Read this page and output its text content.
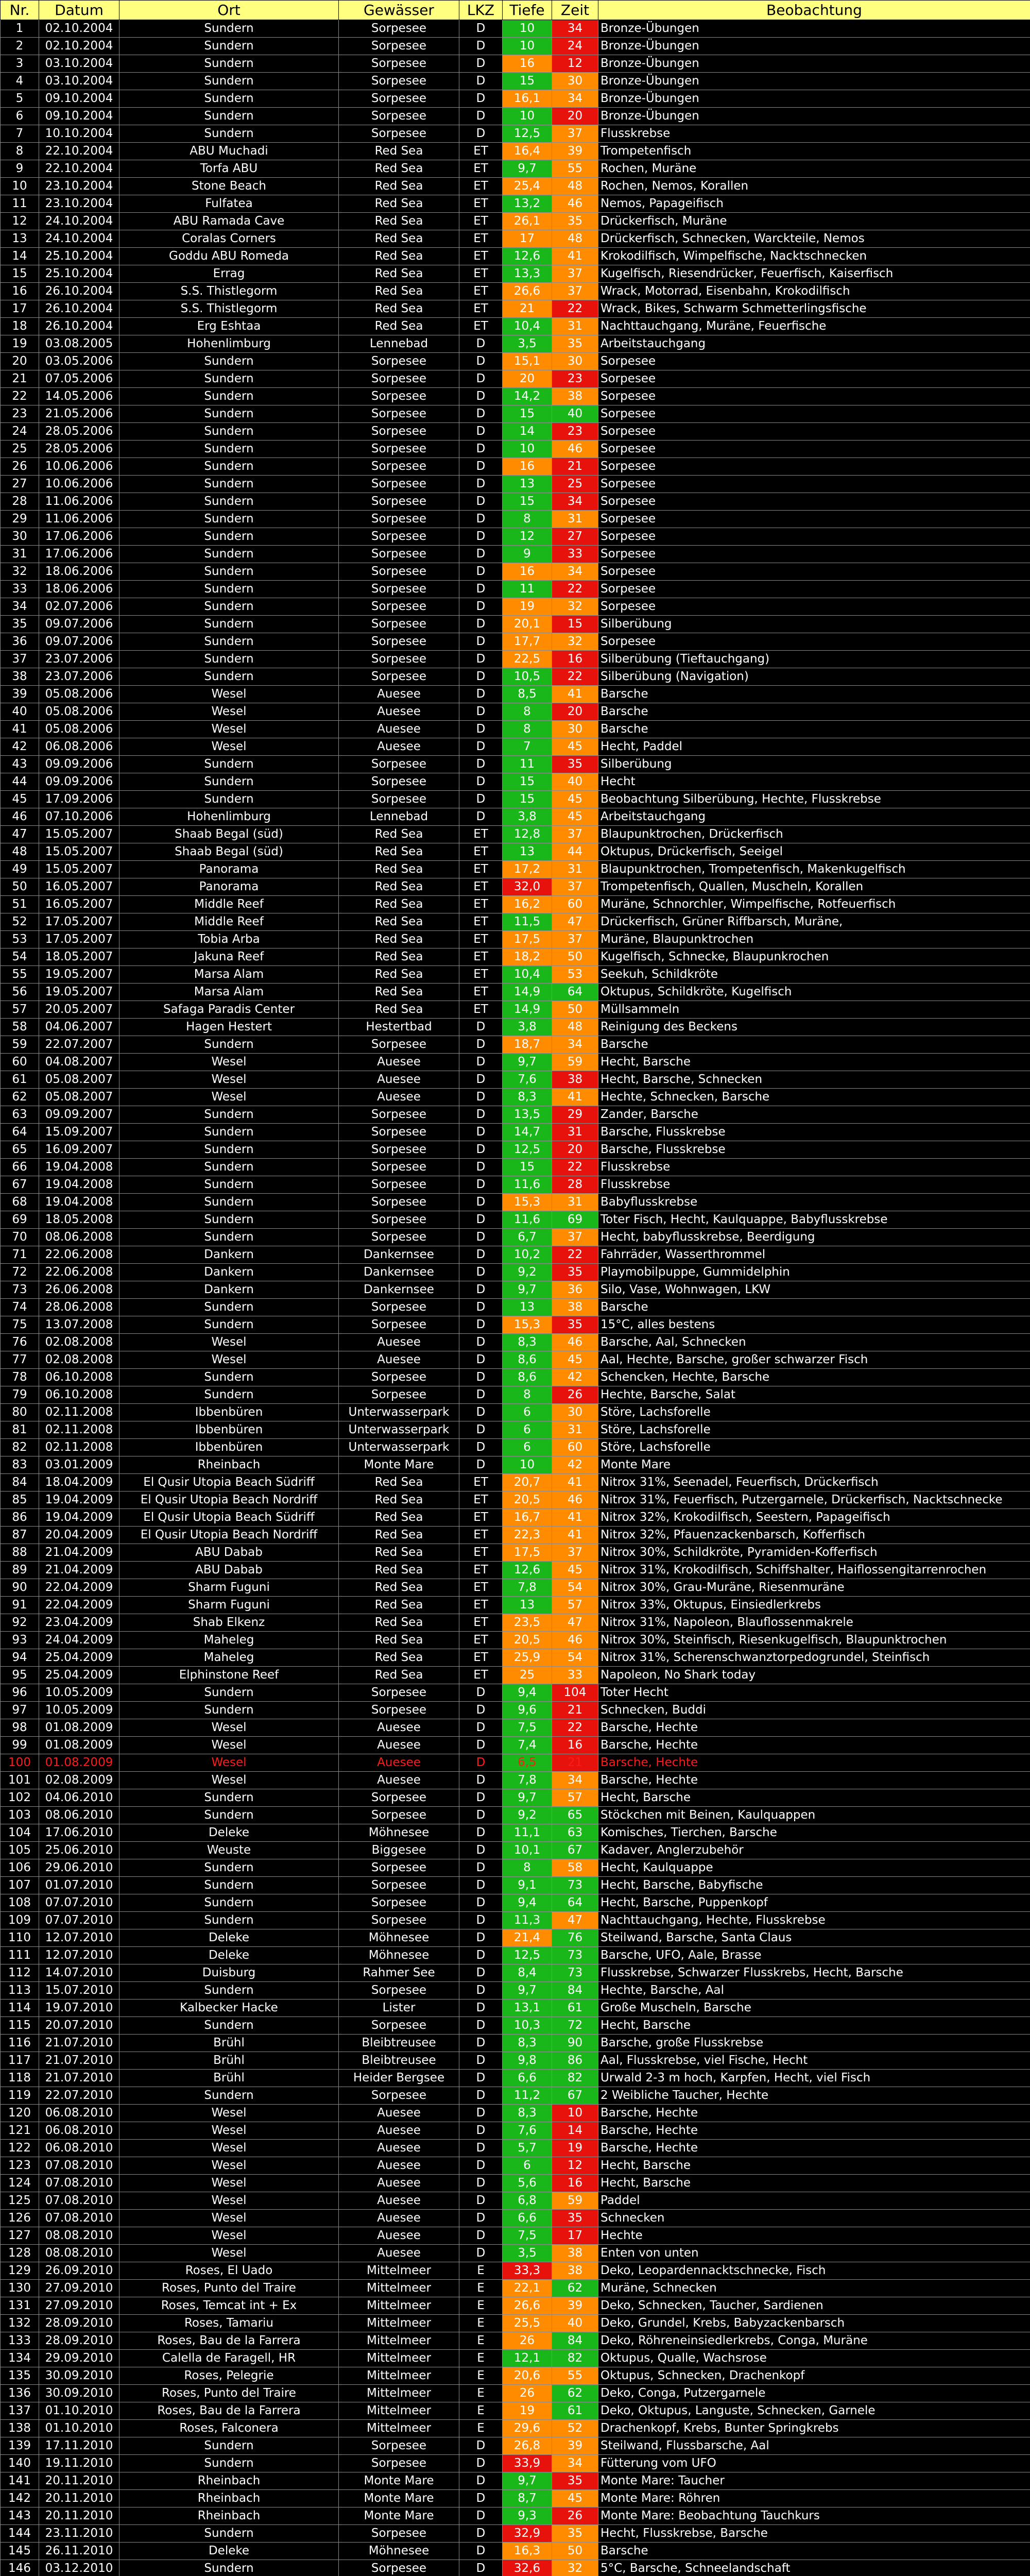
Nr.	Datum	Ort	Gewässer	LKZ	Tiefe	Zeit	Beobachtung
1	02.10.2004	Sundern	Sorpesee	D	10	34	Bronze-Übungen
2	02.10.2004	Sundern	Sorpesee	D	10	24	Bronze-Übungen
3	03.10.2004	Sundern	Sorpesee	D	16	12	Bronze-Übungen
4	03.10.2004	Sundern	Sorpesee	D	15	30	Bronze-Übungen
5	09.10.2004	Sundern	Sorpesee	D	16,1	34	Bronze-Übungen
6	09.10.2004	Sundern	Sorpesee	D	10	20	Bronze-Übungen
7	10.10.2004	Sundern	Sorpesee	D	12,5	37	Flusskrebse
8	22.10.2004	ABU Muchadi	Red Sea	ET	16,4	39	Trompetenfisch
9	22.10.2004	Torfa ABU	Red Sea	ET	9,7	55	Rochen, Muräne
10	23.10.2004	Stone Beach	Red Sea	ET	25,4	48	Rochen, Nemos, Korallen
11	23.10.2004	Fulfatea	Red Sea	ET	13,2	46	Nemos, Papageifisch
12	24.10.2004	ABU Ramada Cave	Red Sea	ET	26,1	35	Drückerfisch, Muräne
13	24.10.2004	Coralas Corners	Red Sea	ET	17	48	Drückerfisch, Schnecken, Warckteile, Nemos
14	25.10.2004	Goddu ABU Romeda	Red Sea	ET	12,6	41	Krokodilfisch, Wimpelfische, Nacktschnecken
15	25.10.2004	Errag	Red Sea	ET	13,3	37	Kugelfisch, Riesendrücker, Feuerfisch, Kaiserfisch
16	26.10.2004	S.S. Thistlegorm	Red Sea	ET	26,6	37	Wrack, Motorrad, Eisenbahn, Krokodilfisch
17	26.10.2004	S.S. Thistlegorm	Red Sea	ET	21	22	Wrack, Bikes, Schwarm Schmetterlingsfische
18	26.10.2004	Erg Eshtaa	Red Sea	ET	10,4	31	Nachttauchgang, Muräne, Feuerfische
19	03.08.2005	Hohenlimburg	Lennebad	D	3,5	35	Arbeitstauchgang
20	03.05.2006	Sundern	Sorpesee	D	15,1	30	Sorpesee
21	07.05.2006	Sundern	Sorpesee	D	20	23	Sorpesee
22	14.05.2006	Sundern	Sorpesee	D	14,2	38	Sorpesee
23	21.05.2006	Sundern	Sorpesee	D	15	40	Sorpesee
24	28.05.2006	Sundern	Sorpesee	D	14	23	Sorpesee
25	28.05.2006	Sundern	Sorpesee	D	10	46	Sorpesee
26	10.06.2006	Sundern	Sorpesee	D	16	21	Sorpesee
27	10.06.2006	Sundern	Sorpesee	D	13	25	Sorpesee
28	11.06.2006	Sundern	Sorpesee	D	15	34	Sorpesee
29	11.06.2006	Sundern	Sorpesee	D	8	31	Sorpesee
30	17.06.2006	Sundern	Sorpesee	D	12	27	Sorpesee
31	17.06.2006	Sundern	Sorpesee	D	9	33	Sorpesee
32	18.06.2006	Sundern	Sorpesee	D	16	34	Sorpesee
33	18.06.2006	Sundern	Sorpesee	D	11	22	Sorpesee
34	02.07.2006	Sundern	Sorpesee	D	19	32	Sorpesee
35	09.07.2006	Sundern	Sorpesee	D	20,1	15	Silberübung
36	09.07.2006	Sundern	Sorpesee	D	17,7	32	Sorpesee
37	23.07.2006	Sundern	Sorpesee	D	22,5	16	Silberübung (Tieftauchgang)
38	23.07.2006	Sundern	Sorpesee	D	10,5	22	Silberübung (Navigation)
39	05.08.2006	Wesel	Auesee	D	8,5	41	Barsche
40	05.08.2006	Wesel	Auesee	D	8	20	Barsche
41	05.08.2006	Wesel	Auesee	D	8	30	Barsche
42	06.08.2006	Wesel	Auesee	D	7	45	Hecht, Paddel
43	09.09.2006	Sundern	Sorpesee	D	11	35	Silberübung
44	09.09.2006	Sundern	Sorpesee	D	15	40	Hecht
45	17.09.2006	Sundern	Sorpesee	D	15	45	Beobachtung Silberübung, Hechte, Flusskrebse
46	07.10.2006	Hohenlimburg	Lennebad	D	3,8	45	Arbeitstauchgang
47	15.05.2007	Shaab Begal (süd)	Red Sea	ET	12,8	37	Blaupunktrochen, Drückerfisch
48	15.05.2007	Shaab Begal (süd)	Red Sea	ET	13	44	Oktupus, Drückerfisch, Seeigel
49	15.05.2007	Panorama	Red Sea	ET	17,2	31	Blaupunktrochen, Trompetenfisch, Makenkugelfisch
50	16.05.2007	Panorama	Red Sea	ET	32,0	37	Trompetenfisch, Quallen, Muscheln, Korallen
51	16.05.2007	Middle Reef	Red Sea	ET	16,2	60	Muräne, Schnorchler, Wimpelfische, Rotfeuerfisch
52	17.05.2007	Middle Reef	Red Sea	ET	11,5	47	Drückerfisch, Grüner Riffbarsch, Muräne,
53	17.05.2007	Tobia Arba	Red Sea	ET	17,5	37	Muräne, Blaupunktrochen
54	18.05.2007	Jakuna Reef	Red Sea	ET	18,2	50	Kugelfisch, Schnecke, Blaupunkrochen
55	19.05.2007	Marsa Alam	Red Sea	ET	10,4	53	Seekuh, Schildkröte
56	19.05.2007	Marsa Alam	Red Sea	ET	14,9	64	Oktupus, Schildkröte, Kugelfisch
57	20.05.2007	Safaga Paradis Center	Red Sea	ET	14,9	50	Müllsammeln
58	04.06.2007	Hagen Hestert	Hestertbad	D	3,8	48	Reinigung des Beckens
59	22.07.2007	Sundern	Sorpesee	D	18,7	34	Barsche
60	04.08.2007	Wesel	Auesee	D	9,7	59	Hecht, Barsche
61	05.08.2007	Wesel	Auesee	D	7,6	38	Hecht, Barsche, Schnecken
62	05.08.2007	Wesel	Auesee	D	8,3	41	Hechte, Schnecken, Barsche
63	09.09.2007	Sundern	Sorpesee	D	13,5	29	Zander, Barsche
64	15.09.2007	Sundern	Sorpesee	D	14,7	31	Barsche, Flusskrebse
65	16.09.2007	Sundern	Sorpesee	D	12,5	20	Barsche, Flusskrebse
66	19.04.2008	Sundern	Sorpesee	D	15	22	Flusskrebse
67	19.04.2008	Sundern	Sorpesee	D	11,6	28	Flusskrebse
68	19.04.2008	Sundern	Sorpesee	D	15,3	31	Babyflusskrebse
69	18.05.2008	Sundern	Sorpesee	D	11,6	69	Toter Fisch, Hecht, Kaulquappe, Babyflusskrebse
70	08.06.2008	Sundern	Sorpesee	D	6,7	37	Hecht, babyflusskrebse, Beerdigung
71	22.06.2008	Dankern	Dankernsee	D	10,2	22	Fahrräder, Wasserthrommel
72	22.06.2008	Dankern	Dankernsee	D	9,2	35	Playmobilpuppe, Gummidelphin
73	26.06.2008	Dankern	Dankernsee	D	9,7	36	Silo, Vase, Wohnwagen, LKW
74	28.06.2008	Sundern	Sorpesee	D	13	38	Barsche
75	13.07.2008	Sundern	Sorpesee	D	15,3	35	15°C, alles bestens
76	02.08.2008	Wesel	Auesee	D	8,3	46	Barsche, Aal, Schnecken
77	02.08.2008	Wesel	Auesee	D	8,6	45	Aal, Hechte, Barsche, großer schwarzer Fisch
78	06.10.2008	Sundern	Sorpesee	D	8,6	42	Schencken, Hechte, Barsche
79	06.10.2008	Sundern	Sorpesee	D	8	26	Hechte, Barsche, Salat
80	02.11.2008	Ibbenbüren	Unterwasserpark	D	6	30	Störe, Lachsforelle
81	02.11.2008	Ibbenbüren	Unterwasserpark	D	6	31	Störe, Lachsforelle
82	02.11.2008	Ibbenbüren	Unterwasserpark	D	6	60	Störe, Lachsforelle
83	03.01.2009	Rheinbach	Monte Mare	D	10	42	Monte Mare
84	18.04.2009	El Qusir Utopia Beach Südriff	Red Sea	ET	20,7	41	Nitrox 31%, Seenadel, Feuerfisch, Drückerfisch
85	19.04.2009	El Qusir Utopia Beach Nordriff	Red Sea	ET	20,5	46	Nitrox 31%, Feuerfisch, Putzergarnele, Drückerfisch, Nacktschnecke
86	19.04.2009	El Qusir Utopia Beach Südriff	Red Sea	ET	16,7	41	Nitrox 32%, Krokodilfisch, Seestern, Papageifisch
87	20.04.2009	El Qusir Utopia Beach Nordriff	Red Sea	ET	22,3	41	Nitrox 32%, Pfauenzackenbarsch, Kofferfisch
88	21.04.2009	ABU Dabab	Red Sea	ET	17,5	37	Nitrox 30%, Schildkröte, Pyramiden-Kofferfisch
89	21.04.2009	ABU Dabab	Red Sea	ET	12,6	45	Nitrox 31%, Krokodilfisch, Schiffshalter, Haiflossengitarrenrochen
90	22.04.2009	Sharm Fuguni	Red Sea	ET	7,8	54	Nitrox 30%, Grau-Muräne, Riesenmuräne
91	22.04.2009	Sharm Fuguni	Red Sea	ET	13	57	Nitrox 33%, Oktupus, Einsiedlerkrebs
92	23.04.2009	Shab Elkenz	Red Sea	ET	23,5	47	Nitrox 31%, Napoleon, Blauflossenmakrele
93	24.04.2009	Maheleg	Red Sea	ET	20,5	46	Nitrox 30%, Steinfisch, Riesenkugelfisch, Blaupunktrochen
94	25.04.2009	Maheleg	Red Sea	ET	25,9	54	Nitrox 31%, Scherenschwanztorpedogrundel, Steinfisch
95	25.04.2009	Elphinstone Reef	Red Sea	ET	25	33	Napoleon, No Shark today
96	10.05.2009	Sundern	Sorpesee	D	9,4	104	Toter Hecht
97	10.05.2009	Sundern	Sorpesee	D	9,6	21	Schnecken, Buddi
98	01.08.2009	Wesel	Auesee	D	7,5	22	Barsche, Hechte
99	01.08.2009	Wesel	Auesee	D	7,4	16	Barsche, Hechte
100	01.08.2009	Wesel	Auesee	D	6,5	21	Barsche, Hechte
101	02.08.2009	Wesel	Auesee	D	7,8	34	Barsche, Hechte
102	04.06.2010	Sundern	Sorpesee	D	9,7	57	Hecht, Barsche
103	08.06.2010	Sundern	Sorpesee	D	9,2	65	Stöckchen mit Beinen, Kaulquappen
104	17.06.2010	Deleke	Möhnesee	D	11,1	63	Komisches, Tierchen, Barsche
105	25.06.2010	Weuste	Biggesee	D	10,1	67	Kadaver, Anglerzubehör
106	29.06.2010	Sundern	Sorpesee	D	8	58	Hecht, Kaulquappe
107	01.07.2010	Sundern	Sorpesee	D	9,1	73	Hecht, Barsche, Babyfische
108	07.07.2010	Sundern	Sorpesee	D	9,4	64	Hecht, Barsche, Puppenkopf
109	07.07.2010	Sundern	Sorpesee	D	11,3	47	Nachttauchgang, Hechte, Flusskrebse
110	12.07.2010	Deleke	Möhnesee	D	21,4	76	Steilwand, Barsche, Santa Claus
111	12.07.2010	Deleke	Möhnesee	D	12,5	73	Barsche, UFO, Aale, Brasse
112	14.07.2010	Duisburg	Rahmer See	D	8,4	73	Flusskrebse, Schwarzer Flusskrebs, Hecht, Barsche
113	15.07.2010	Sundern	Sorpesee	D	9,7	84	Hechte, Barsche, Aal
114	19.07.2010	Kalbecker Hacke	Lister	D	13,1	61	Große Muscheln, Barsche
115	20.07.2010	Sundern	Sorpesee	D	10,3	72	Hecht, Barsche
116	21.07.2010	Brühl	Bleibtreusee	D	8,3	90	Barsche, große Flusskrebse
117	21.07.2010	Brühl	Bleibtreusee	D	9,8	86	Aal, Flusskrebse, viel Fische, Hecht
118	21.07.2010	Brühl	Heider Bergsee	D	6,6	82	Urwald 2-3 m hoch, Karpfen, Hecht, viel Fisch
119	22.07.2010	Sundern	Sorpesee	D	11,2	67	2 Weibliche Taucher, Hechte
120	06.08.2010	Wesel	Auesee	D	8,3	10	Barsche, Hechte
121	06.08.2010	Wesel	Auesee	D	7,6	14	Barsche, Hechte
122	06.08.2010	Wesel	Auesee	D	5,7	19	Barsche, Hechte
123	07.08.2010	Wesel	Auesee	D	6	12	Hecht, Barsche
124	07.08.2010	Wesel	Auesee	D	5,6	16	Hecht, Barsche
125	07.08.2010	Wesel	Auesee	D	6,8	59	Paddel
126	07.08.2010	Wesel	Auesee	D	6,6	35	Schnecken
127	08.08.2010	Wesel	Auesee	D	7,5	17	Hechte
128	08.08.2010	Wesel	Auesee	D	3,5	38	Enten von unten
129	26.09.2010	Roses, El Uado	Mittelmeer	E	33,3	38	Deko, Leopardennacktschnecke, Fisch
130	27.09.2010	Roses, Punto del Traire	Mittelmeer	E	22,1	62	Muräne, Schnecken
131	27.09.2010	Roses, Temcat int + Ex	Mittelmeer	E	26,6	39	Deko, Schnecken, Taucher, Sardienen
132	28.09.2010	Roses, Tamariu	Mittelmeer	E	25,5	40	Deko, Grundel, Krebs, Babyzackenbarsch
133	28.09.2010	Roses, Bau de la Farrera	Mittelmeer	E	26	84	Deko, Röhreneinsiedlerkrebs, Conga, Muräne
134	29.09.2010	Calella de Faragell, HR	Mittelmeer	E	12,1	82	Oktupus, Qualle, Wachsrose
135	30.09.2010	Roses, Pelegrie	Mittelmeer	E	20,6	55	Oktupus, Schnecken, Drachenkopf
136	30.09.2010	Roses, Punto del Traire	Mittelmeer	E	26	62	Deko, Conga, Putzergarnele
137	01.10.2010	Roses, Bau de la Farrera	Mittelmeer	E	19	61	Deko, Oktupus, Languste, Schnecken, Garnele
138	01.10.2010	Roses, Falconera	Mittelmeer	E	29,6	52	Drachenkopf, Krebs, Bunter Springkrebs
139	17.11.2010	Sundern	Sorpesee	D	26,8	39	Steilwand, Flussbarsche, Aal
140	19.11.2010	Sundern	Sorpesee	D	33,9	34	Fütterung vom UFO
141	20.11.2010	Rheinbach	Monte Mare	D	9,7	35	Monte Mare: Taucher
142	20.11.2010	Rheinbach	Monte Mare	D	8,7	45	Monte Mare: Röhren
143	20.11.2010	Rheinbach	Monte Mare	D	9,3	26	Monte Mare: Beobachtung Tauchkurs
144	23.11.2010	Sundern	Sorpesee	D	32,9	35	Hecht, Flusskrebse, Barsche
145	26.11.2010	Deleke	Möhnesee	D	16,3	50	Barsche
146	03.12.2010	Sundern	Sorpesee	D	32,6	32	5°C, Barsche, Schneelandschaft
